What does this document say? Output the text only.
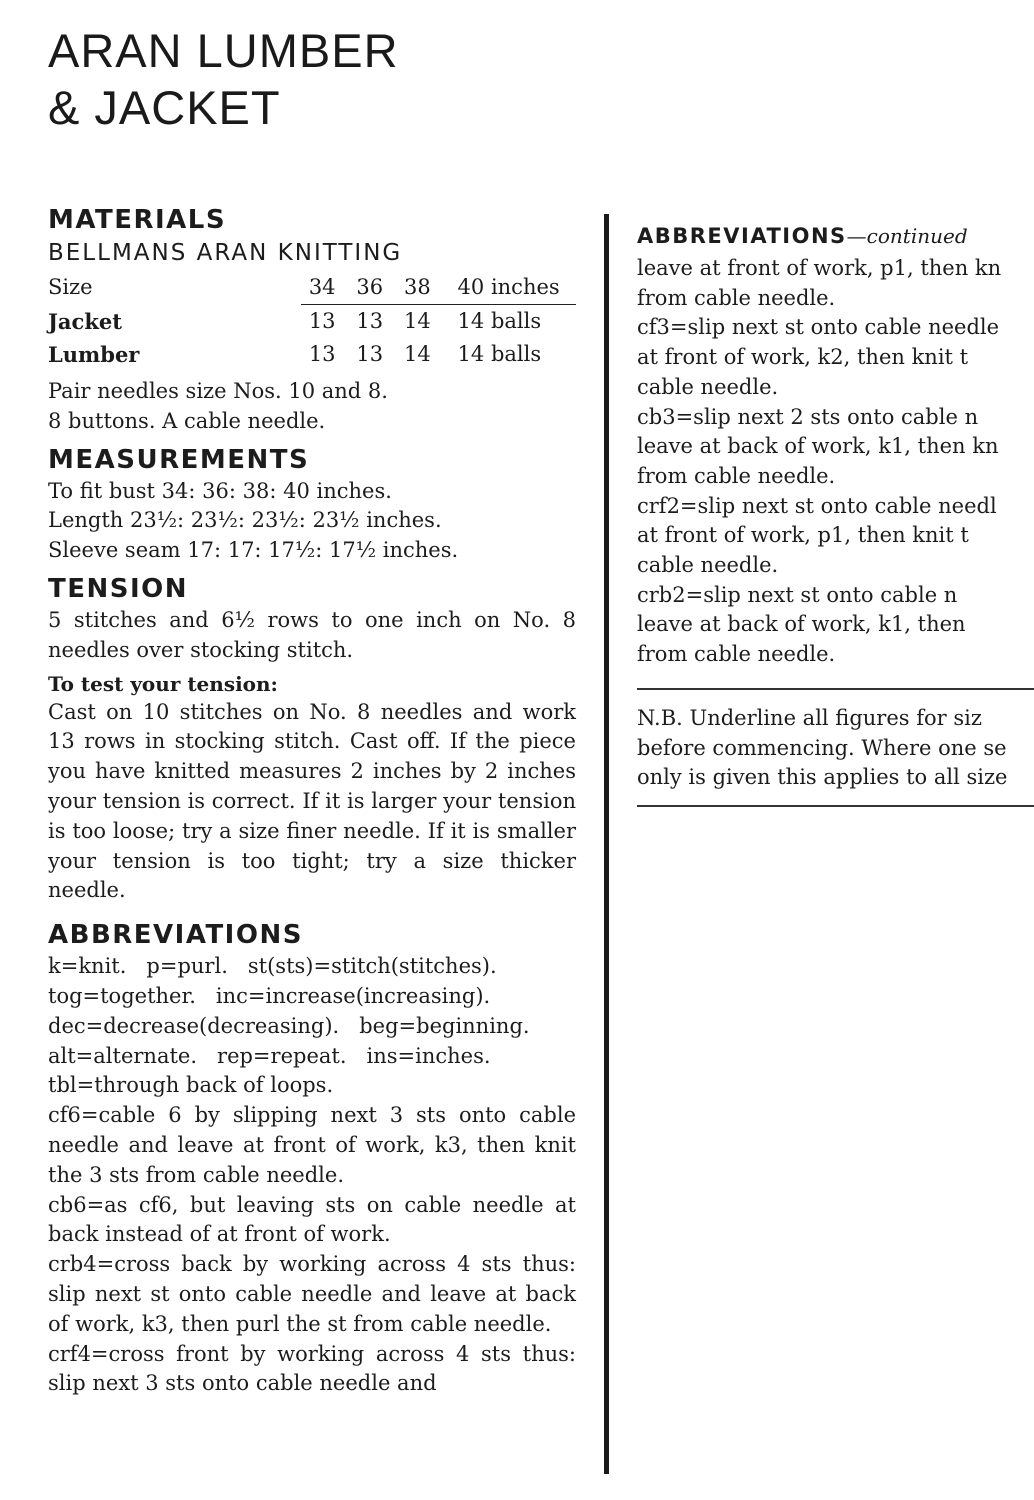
ARAN LUMBER
& JACKET
MATERIALS
BELLMANS ARAN KNITTING
Size	34	36	38	40 inches
Jacket	13	13	14	14 balls
Lumber	13	13	14	14 balls

Pair needles size Nos. 10 and 8.

8 buttons. A cable needle.

MEASUREMENTS

To fit bust 34: 36: 38: 40 inches.

Length 23½: 23½: 23½: 23½ inches.

Sleeve seam 17: 17: 17½: 17½ inches.

TENSION
5 stitches and 6½ rows to one inch on No. 8 needles over stocking stitch.
To test your tension:
Cast on 10 stitches on No. 8 needles and work 13 rows in stocking stitch. Cast off. If the piece you have knitted measures 2 inches by 2 inches your tension is correct. If it is larger your tension is too loose; try a size finer needle. If it is smaller your tension is too tight; try a size thicker needle.
ABBREVIATIONS

k=knit.   p=purl.   st(sts)=stitch(stitches).

tog=together.   inc=increase(increasing).

dec=decrease(decreasing).   beg=beginning.

alt=alternate.   rep=repeat.   ins=inches.

tbl=through back of loops.

cf6=cable 6 by slipping next 3 sts onto cable needle and leave at front of work, k3, then knit the 3 sts from cable needle.

cb6=as cf6, but leaving sts on cable needle at back instead of at front of work.

crb4=cross back by working across 4 sts thus: slip next st onto cable needle and leave at back of work, k3, then purl the st from cable needle.

crf4=cross front by working across 4 sts thus: slip next 3 sts onto cable needle and

ABBREVIATIONS—continued

leave at front of work, p1, then kn

from cable needle.

cf3=slip next st onto cable needle

at front of work, k2, then knit t

cable needle.

cb3=slip next 2 sts onto cable n

leave at back of work, k1, then kn

from cable needle.

crf2=slip next st onto cable needl

at front of work, p1, then knit t

cable needle.

crb2=slip next st onto cable n

leave at back of work, k1, then

from cable needle.

N.B. Underline all figures for siz

before commencing. Where one se

only is given this applies to all size
